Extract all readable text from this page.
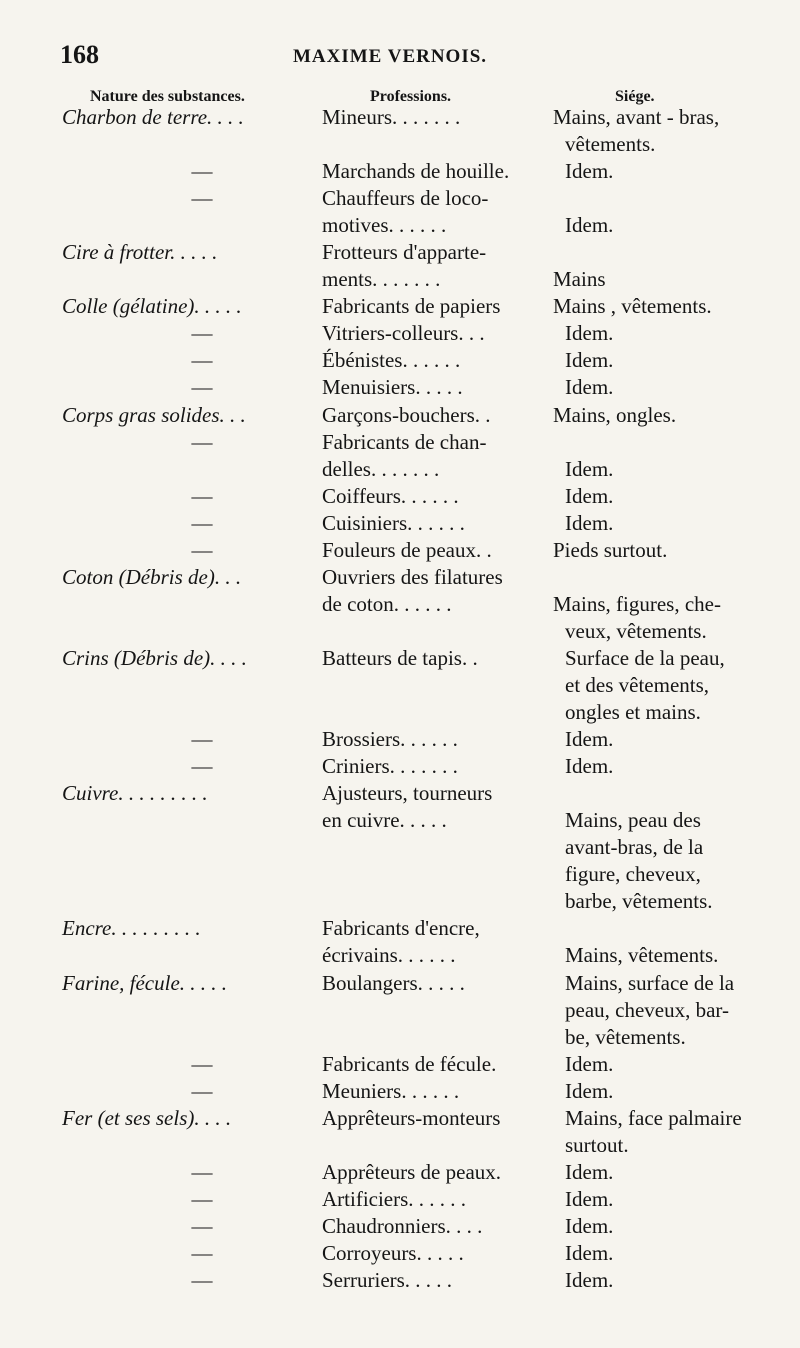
168	MAXIME VERNOIS.
Nature des substances.	Professions.	Siége.
Charbon de terre. . . .	Mineurs. . . . . . .	Mains, avant - bras,
vêtements.
—	Marchands de houille.	Idem.
—	Chauffeurs de loco-
motives. . . . . .	Idem.
Cire à frotter. . . . .	Frotteurs d'apparte-
ments. . . . . . .	Mains
Colle (gélatine). . . . .	Fabricants de papiers	Mains , vêtements.
—	Vitriers-colleurs. . .	Idem.
—	Ébénistes. . . . . .	Idem.
—	Menuisiers. . . . .	Idem.
Corps gras solides. . .	Garçons-bouchers. .	Mains, ongles.
—	Fabricants de chan-
delles. . . . . . .	Idem.
—	Coiffeurs. . . . . .	Idem.
—	Cuisiniers. . . . . .	Idem.
—	Fouleurs de peaux. .	Pieds surtout.
Coton (Débris de). . .	Ouvriers des filatures
de coton. . . . . .	Mains, figures, che-
veux, vêtements.
Crins (Débris de). . . .	Batteurs de tapis. .	Surface de la peau,
et des vêtements,
ongles et mains.
—	Brossiers. . . . . .	Idem.
—	Criniers. . . . . . .	Idem.
Cuivre. . . . . . . . .	Ajusteurs, tourneurs
en cuivre. . . . .	Mains, peau des
avant-bras, de la
figure, cheveux,
barbe, vêtements.
Encre. . . . . . . . .	Fabricants d'encre,
écrivains. . . . . .	Mains, vêtements.
Farine, fécule. . . . .	Boulangers. . . . .	Mains, surface de la
peau, cheveux, bar-
be, vêtements.
—	Fabricants de fécule.	Idem.
—	Meuniers. . . . . .	Idem.
Fer (et ses sels). . . .	Apprêteurs-monteurs	Mains, face palmaire
surtout.
—	Apprêteurs de peaux.	Idem.
—	Artificiers. . . . . .	Idem.
—	Chaudronniers. . . .	Idem.
—	Corroyeurs. . . . .	Idem.
—	Serruriers. . . . .	Idem.
